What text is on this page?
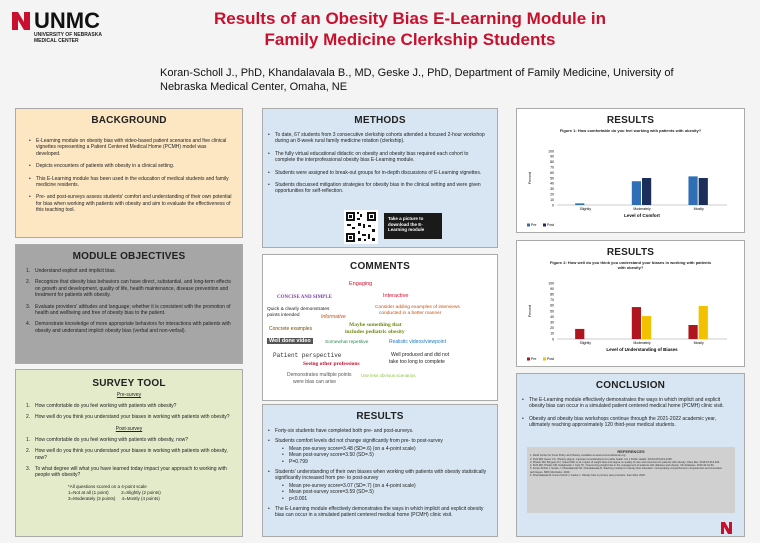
UNMC
UNIVERSITY OF NEBRASKA
MEDICAL CENTER
Results of an Obesity Bias E-Learning Module in
Family Medicine Clerkship Students
Koran-Scholl J., PhD, Khandalavala B., MD, Geske J., PhD, Department of Family Medicine, University of Nebraska Medical Center, Omaha, NE
BACKGROUND
• E-Learning module on obesity bias with video-based patient scenarios and five clinical vignettes representing a Patient Centered Medical Home (PCMH) model was developed.
• Depicts encounters of patients with obesity in a clinical setting.
• This E-Learning module has been used in the education of medical students and family medicine residents.
• Pre- and post-surveys assess students' comfort and understanding of their own potential for bias when working with patients with obesity and aim to evaluate the effectiveness of this teaching tool.
METHODS
• To date, 67 students from 3 consecutive clerkship cohorts attended a focused 2-hour workshop during an 8-week rural family medicine rotation (clerkship).
• The fully virtual educational didactic on obesity and obesity bias required each cohort to complete the interprofessional obesity bias E-Learning module.
• Students were assigned to break-out groups for in-depth discussions of E-Learning vignettes.
• Students discussed mitigation strategies for obesity bias in the clinical setting and were given opportunities for self-reflection.
Take a picture to download the E-Learning module
RESULTS
Figure 1: How comfortable do you feel working with patients with obesity?
Percent
0
10
20
30
40
50
60
70
80
90
100
Slightly	Moderately	Mostly
Level of Comfort
Pre	Post
MODULE OBJECTIVES
1. Understand explicit and implicit bias.
2. Recognize that obesity bias behaviors can have direct, substantial, and long-term effects on growth and development, quality of life, health maintenance, disease prevention and treatment for patients with obesity.
3. Evaluate providers' attitudes and language; whether it is consistent with the promotion of health and wellbeing and free of obesity bias to the patient.
4. Demonstrate knowledge of more appropriate behaviors for interactions with patients with obesity and understand implicit obesity bias (verbal and non-verbal).
COMMENTS
Engaging
CONCISE AND SIMPLE	Interactive
Quick & clearly demonstrates
points intended	Informative
Consider adding examples of interviews
conducted in a better manner
Concrete examples
Maybe something that
includes pediatric obesity
Well done video	Somewhat repetitive	Realistic videos/viewpoint
Patient perspective
Seeing other professions
Well produced and did not
take too long to complete
Demonstrates multiple points
were bias can arise
Use less obvious scenarios
RESULTS
Figure 2: How well do you think you understand your biases in working with patients with obesity?
Percent
0
10
20
30
40
50
60
70
80
90
100
Slightly	Moderately	Mostly
Level of Understanding of Biases
Pre	Post
SURVEY TOOL
Pre-survey
1. How comfortable do you feel working with patients with obesity?
2. How well do you think you understand your biases in working with patients with obesity?
Post-survey
1. How comfortable do you feel working with patients with obesity, now?
2. How well do you think you understand your biases in working with patients with obesity, now?
3. To what degree will what you have learned today impact your approach to working with people with obesity?
*All questions scored on a 4-point scale
1=Not at all (1 point)          2=Slightly (2 points)
3=Moderately (3 points)     4=Mostly (4 points)
RESULTS
• Forty-six students have completed both pre- and post-surveys.
• Students comfort levels did not change significantly from pre- to post-survey
• Mean pre-survey score=3.48 (SD=.6) (on a 4-point scale)
• Mean post-survey score=3.50 (SD=.5)
• P=0.799
• Students' understanding of their own biases when working with patients with obesity statistically significantly increased from pre- to post-survey
• Mean pre-survey score=3.07 (SD=.7) (on a 4-point scale)
• Mean post-survey score=3.59 (SD=.5)
• p<0.001
• The E-Learning module effectively demonstrates the ways in which implicit and explicit obesity bias can occur in a simulated patient centered medical home (PCMH) clinic visit.
CONCLUSION
• The E-Learning module effectively demonstrates the ways in which implicit and explicit obesity bias can occur in a simulated patient centered medical home (PCMH) clinic visit.
• Obesity and obesity bias workshops continue through the 2021-2022 academic year, ultimately reaching approximately 120 third-year medical students.
REFERENCES
1. Rudd Center for Food Policy and Obesity. Available at www.uconnruddcenter.org.
2. Puhl RM, Heuer CA. Obesity stigma: important considerations for public health. Am J Public Health. 2010;100:1019-1028.
3. Phelan SM, Burgess DJ, Yeazel MW, et al. Impact of weight bias and stigma on quality of care and outcomes for patients with obesity. Obes Rev. 2015;16:319-326.
4. Puhl RM, Phelan SM, Nadglowski J, Kyle TK. Overcoming weight bias in the management of patients with diabetes and obesity. Clin Diabetes. 2016;34:44-50.
5. Koran-Scholl J, Geske J, Khandalavala KR, Khandalavala B. Teaching module for obesity bias education: incorporating comprehensive competencies and innovative techniques. BMC Med Educ. 2020.
6. Khandalavala B, Koran-Scholl J, Geske J. Obesity bias in primary care providers. Fam Med. 2020.
